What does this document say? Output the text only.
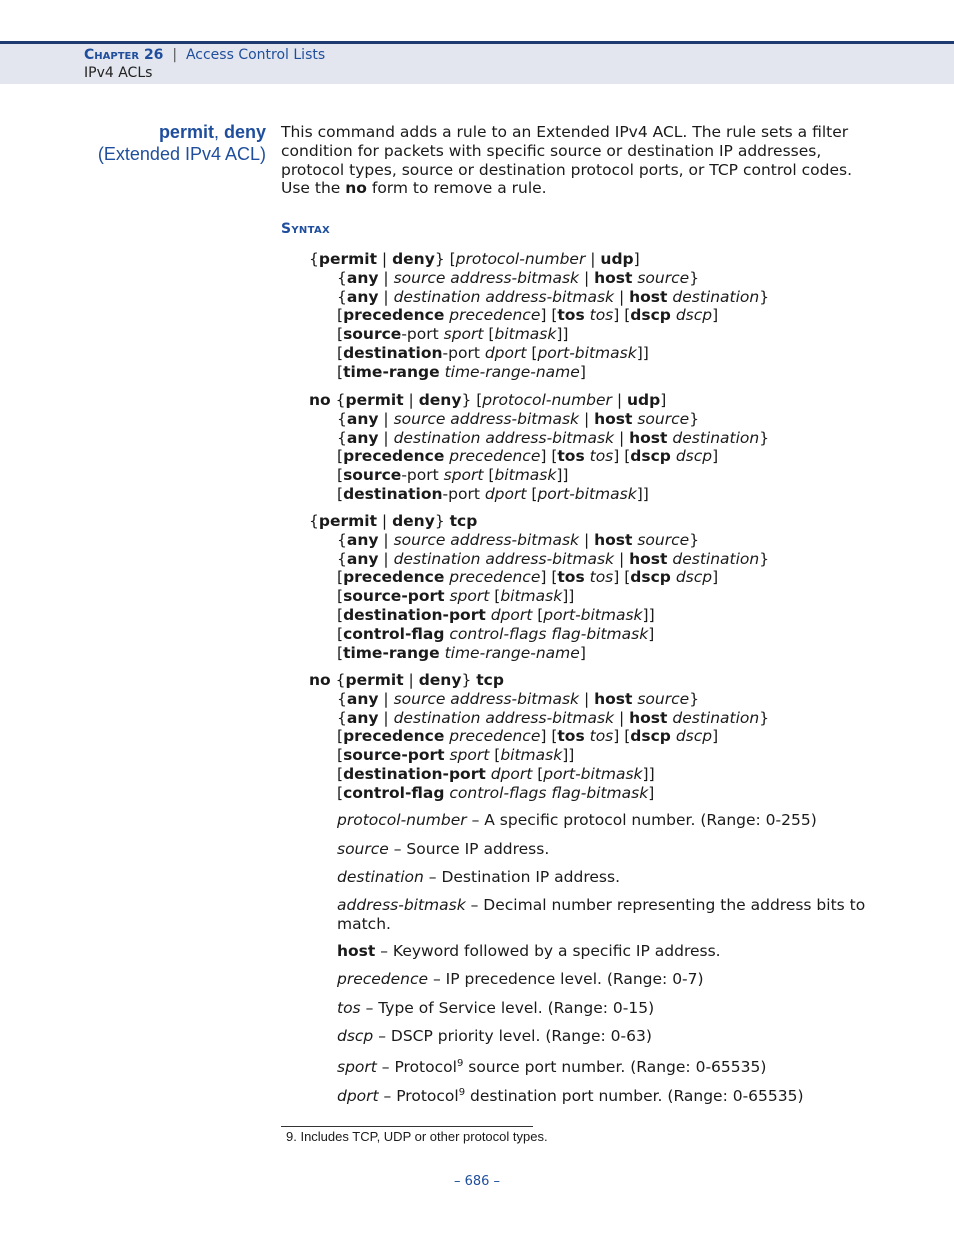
Chapter 26 | Access Control Lists
IPv4 ACLs
permit, deny
(Extended IPv4 ACL)
This command adds a rule to an Extended IPv4 ACL. The rule sets a filter condition for packets with specific source or destination IP addresses, protocol types, source or destination protocol ports, or TCP control codes. Use the no form to remove a rule.
Syntax
{permit | deny} [protocol-number | udp]
{any | source address-bitmask | host source}
{any | destination address-bitmask | host destination}
[precedence precedence] [tos tos] [dscp dscp]
[source-port sport [bitmask]]
[destination-port dport [port-bitmask]]
[time-range time-range-name]
no {permit | deny} [protocol-number | udp]
{any | source address-bitmask | host source}
{any | destination address-bitmask | host destination}
[precedence precedence] [tos tos] [dscp dscp]
[source-port sport [bitmask]]
[destination-port dport [port-bitmask]]
{permit | deny} tcp
{any | source address-bitmask | host source}
{any | destination address-bitmask | host destination}
[precedence precedence] [tos tos] [dscp dscp]
[source-port sport [bitmask]]
[destination-port dport [port-bitmask]]
[control-flag control-flags flag-bitmask]
[time-range time-range-name]
no {permit | deny} tcp
{any | source address-bitmask | host source}
{any | destination address-bitmask | host destination}
[precedence precedence] [tos tos] [dscp dscp]
[source-port sport [bitmask]]
[destination-port dport [port-bitmask]]
[control-flag control-flags flag-bitmask]
protocol-number – A specific protocol number. (Range: 0-255)
source – Source IP address.
destination – Destination IP address.
address-bitmask – Decimal number representing the address bits to match.
host – Keyword followed by a specific IP address.
precedence – IP precedence level. (Range: 0-7)
tos – Type of Service level. (Range: 0-15)
dscp – DSCP priority level. (Range: 0-63)
sport – Protocol$^9$ source port number. (Range: 0-65535)
dport – Protocol$^9$ destination port number. (Range: 0-65535)
9. Includes TCP, UDP or other protocol types.
– 686 –
